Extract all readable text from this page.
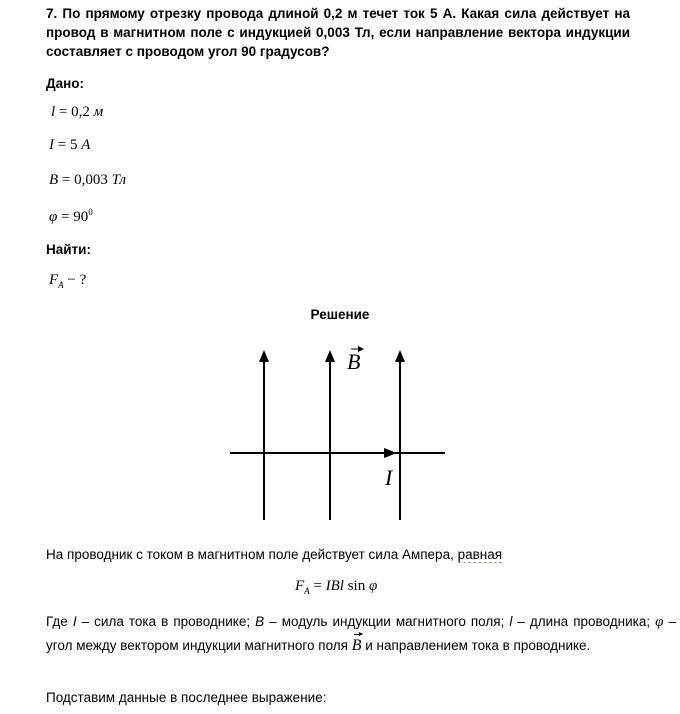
7. По прямому отрезку провода длиной 0,2 м течет ток 5 А. Какая сила действует на провод в магнитном поле с индукцией 0,003 Тл, если направление вектора индукции составляет с проводом угол 90 градусов?
Дано:
l = 0,2 м
I = 5 A
B = 0,003 Тл
$\varphi = 90^0$
Найти:
$F_A$ − ?
Решение
B
I
На проводник с током в магнитном поле действует сила Ампера, равная
$F_A$ = IBl sin φ
Где I – сила тока в проводнике; B – модуль индукции магнитного поля; l – длина проводника; φ – угол между вектором индукции магнитного поля B и направлением тока в проводнике.
Подставим данные в последнее выражение:
